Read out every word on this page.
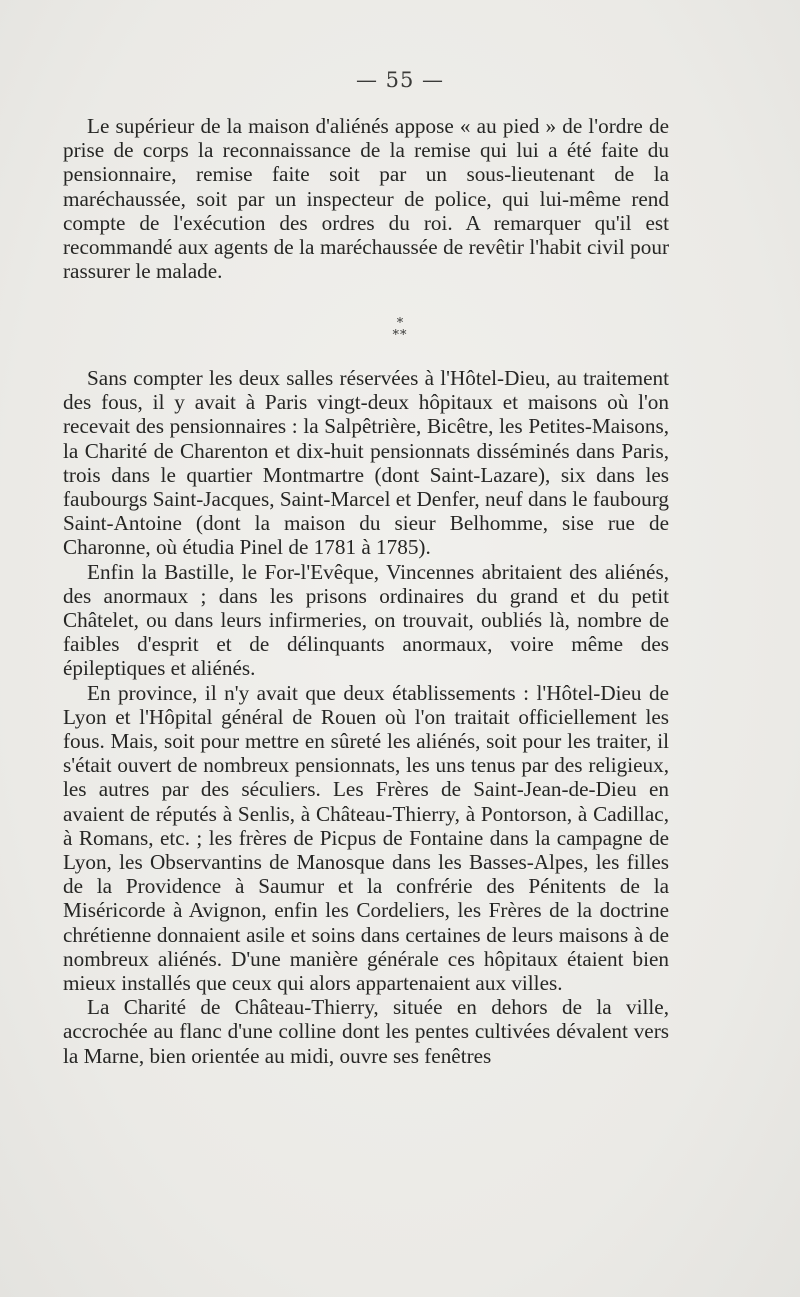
— 55 —

Le supérieur de la maison d'aliénés appose « au pied » de l'ordre de prise de corps la reconnaissance de la remise qui lui a été faite du pensionnaire, remise faite soit par un sous-lieutenant de la maréchaussée, soit par un inspecteur de police, qui lui-même rend compte de l'exécution des ordres du roi. A remarquer qu'il est recommandé aux agents de la maréchaussée de revêtir l'habit civil pour rassurer le malade.

*
**

Sans compter les deux salles réservées à l'Hôtel-Dieu, au traitement des fous, il y avait à Paris vingt-deux hôpitaux et maisons où l'on recevait des pensionnaires : la Salpêtrière, Bicêtre, les Petites-Maisons, la Charité de Charenton et dix-huit pensionnats disséminés dans Paris, trois dans le quartier Montmartre (dont Saint-Lazare), six dans les faubourgs Saint-Jacques, Saint-Marcel et Denfer, neuf dans le faubourg Saint-Antoine (dont la maison du sieur Belhomme, sise rue de Charonne, où étudia Pinel de 1781 à 1785).

Enfin la Bastille, le For-l'Evêque, Vincennes abritaient des aliénés, des anormaux ; dans les prisons ordinaires du grand et du petit Châtelet, ou dans leurs infirmeries, on trouvait, oubliés là, nombre de faibles d'esprit et de délinquants anormaux, voire même des épileptiques et aliénés.

En province, il n'y avait que deux établissements : l'Hôtel-Dieu de Lyon et l'Hôpital général de Rouen où l'on traitait officiellement les fous. Mais, soit pour mettre en sûreté les aliénés, soit pour les traiter, il s'était ouvert de nombreux pensionnats, les uns tenus par des religieux, les autres par des séculiers. Les Frères de Saint-Jean-de-Dieu en avaient de réputés à Senlis, à Château-Thierry, à Pontorson, à Cadillac, à Romans, etc. ; les frères de Picpus de Fontaine dans la campagne de Lyon, les Observantins de Manosque dans les Basses-Alpes, les filles de la Providence à Saumur et la confrérie des Pénitents de la Miséricorde à Avignon, enfin les Cordeliers, les Frères de la doctrine chrétienne donnaient asile et soins dans certaines de leurs maisons à de nombreux aliénés. D'une manière générale ces hôpitaux étaient bien mieux installés que ceux qui alors appartenaient aux villes.

La Charité de Château-Thierry, située en dehors de la ville, accrochée au flanc d'une colline dont les pentes cultivées dévalent vers la Marne, bien orientée au midi, ouvre ses fenêtres
